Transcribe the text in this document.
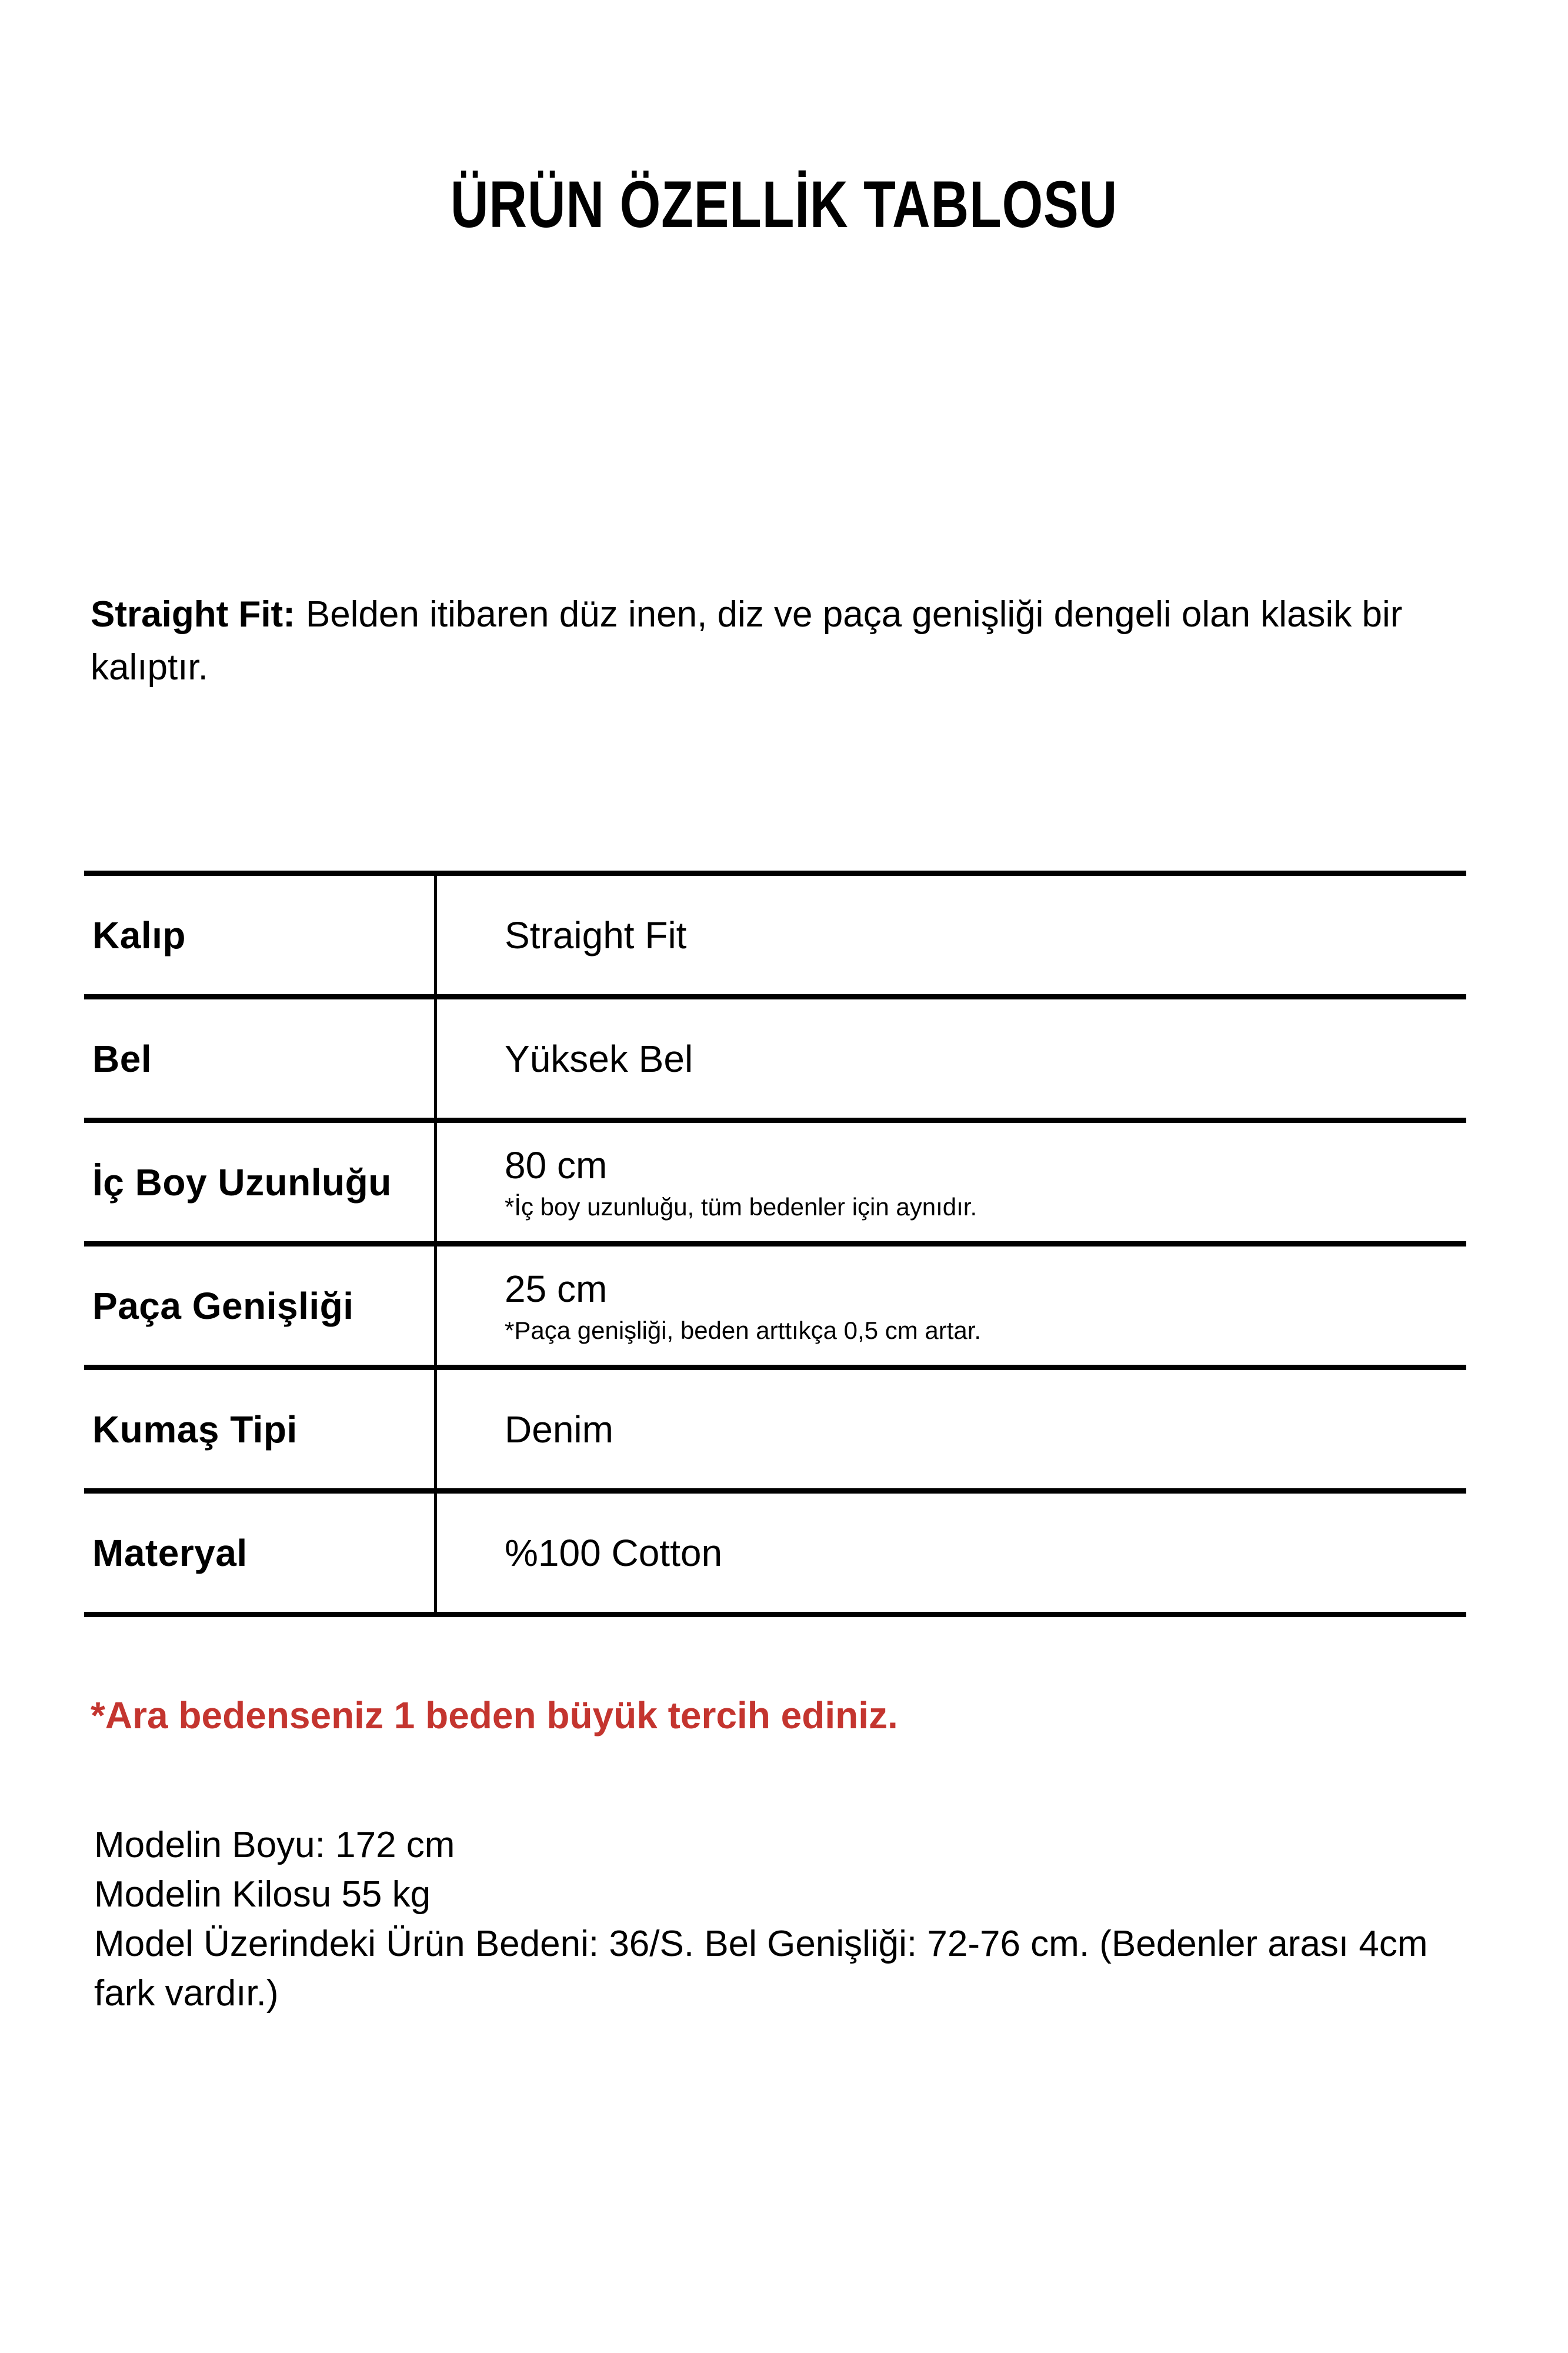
ÜRÜN ÖZELLİK TABLOSU

Straight Fit: Belden itibaren düz inen, diz ve paça genişliği dengeli olan klasik bir kalıptır.

Kalıp	Straight Fit
Bel	Yüksek Bel
İç Boy Uzunluğu	80 cm
*İç boy uzunluğu, tüm bedenler için aynıdır.
Paça Genişliği	25 cm
*Paça genişliği, beden arttıkça 0,5 cm artar.
Kumaş Tipi	Denim
Materyal	%100 Cotton

*Ara bedenseniz 1 beden büyük tercih ediniz.

Modelin Boyu: 172 cm

Modelin Kilosu 55 kg

Model Üzerindeki Ürün Bedeni: 36/S. Bel Genişliği: 72-76 cm. (Bedenler arası 4cm fark vardır.)
